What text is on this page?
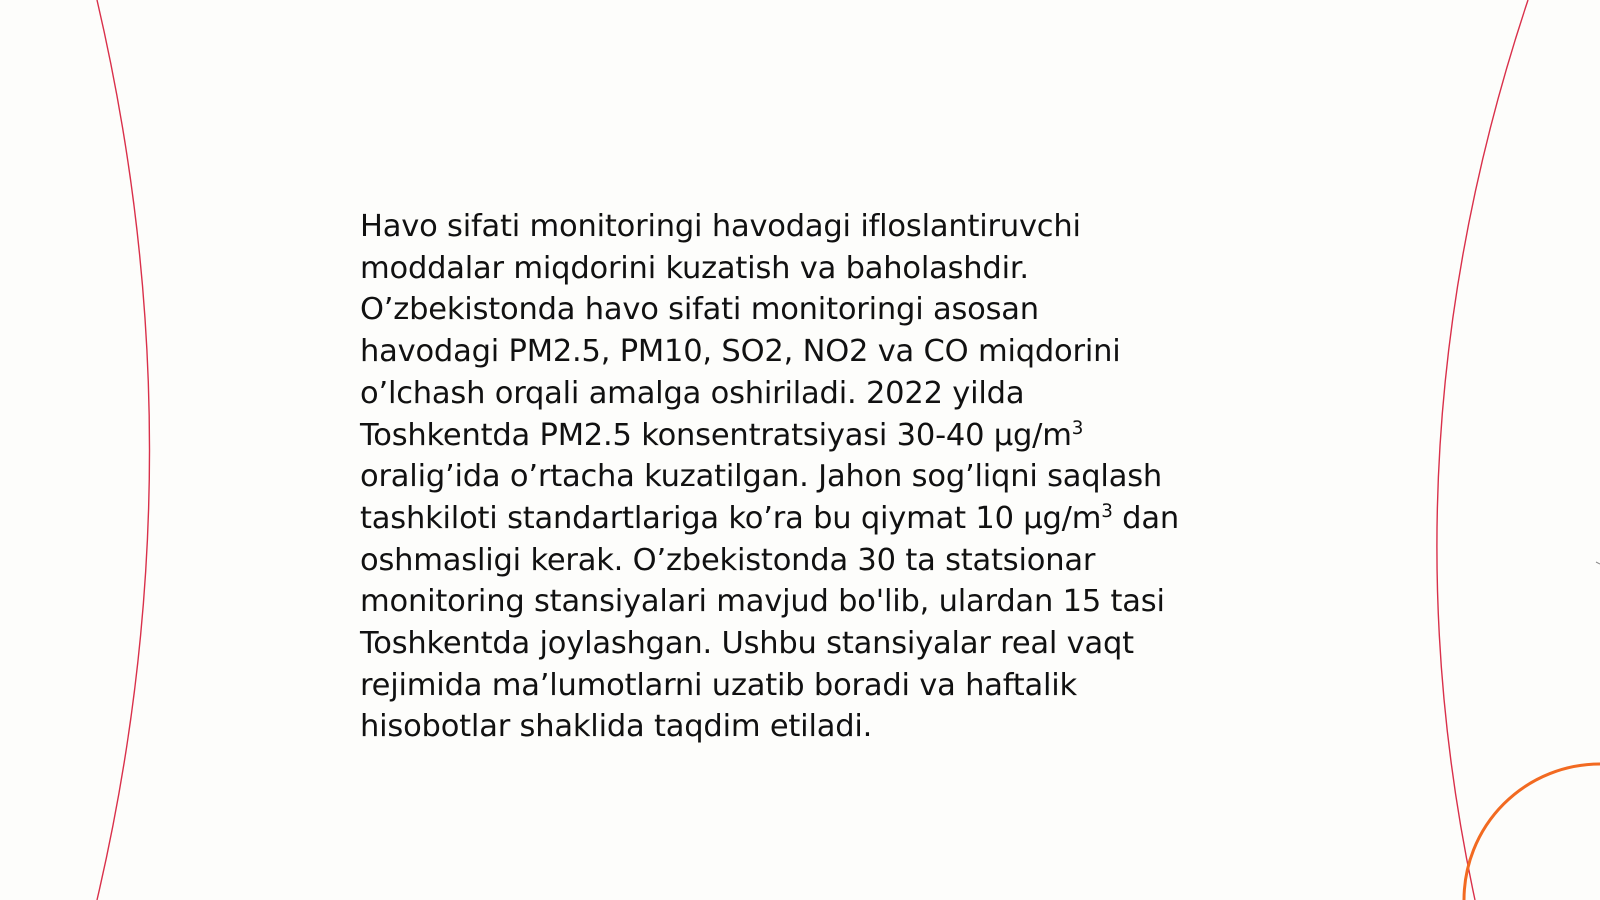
Havo sifati monitoringi havodagi ifloslantiruvchi
moddalar miqdorini kuzatish va baholashdir.
O’zbekistonda havo sifati monitoringi asosan
havodagi PM2.5, PM10, SO2, NO2 va CO miqdorini
o’lchash orqali amalga oshiriladi. 2022 yilda
Toshkentda PM2.5 konsentratsiyasi 30-40 $\mu g/m^3$
oralig’ida o’rtacha kuzatilgan. Jahon sog’liqni saqlash
tashkiloti standartlariga ko’ra bu qiymat 10 $\mu g/m^3$ dan
oshmasligi kerak. O’zbekistonda 30 ta statsionar
monitoring stansiyalari mavjud bo'lib, ulardan 15 tasi
Toshkentda joylashgan. Ushbu stansiyalar real vaqt
rejimida ma’lumotlarni uzatib boradi va haftalik
hisobotlar shaklida taqdim etiladi.
